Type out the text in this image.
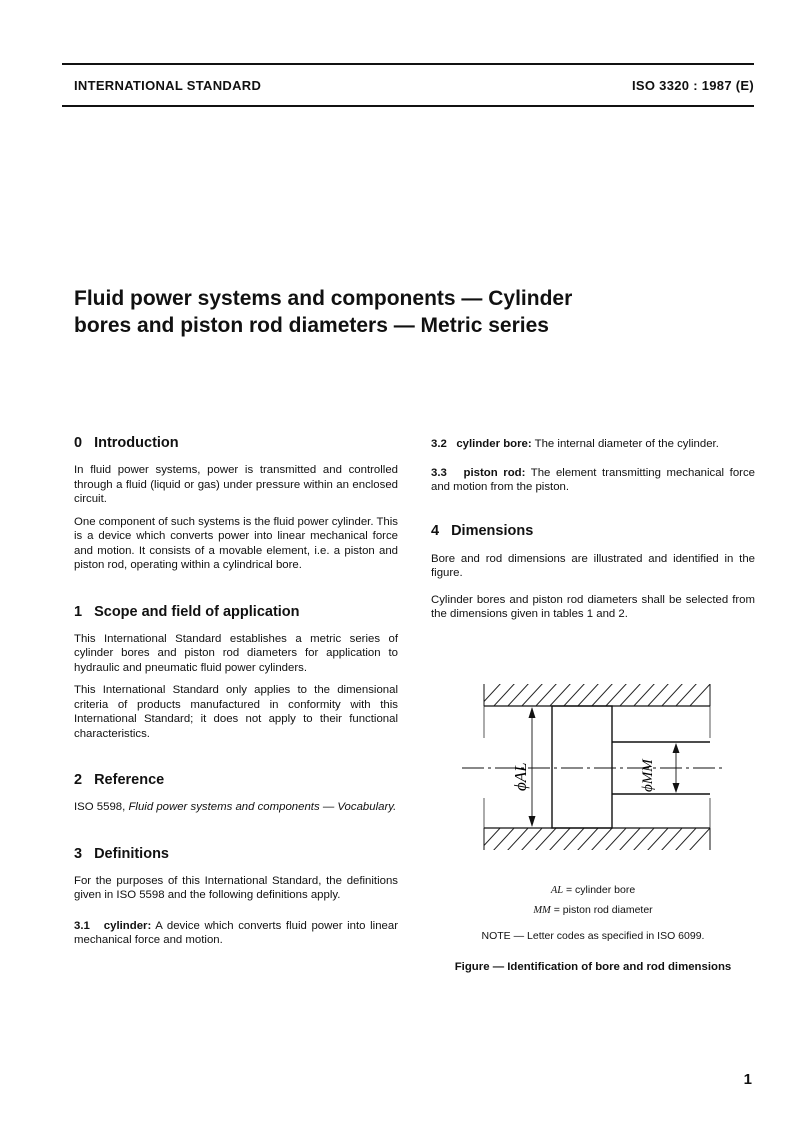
INTERNATIONAL STANDARD	ISO 3320 : 1987 (E)
Fluid power systems and components — Cylinder
bores and piston rod diameters — Metric series
0 Introduction

In fluid power systems, power is transmitted and controlled through a fluid (liquid or gas) under pressure within an enclosed circuit.

One component of such systems is the fluid power cylinder. This is a device which converts power into linear mechanical force and motion. It consists of a movable element, i.e. a piston and piston rod, operating within a cylindrical bore.

1 Scope and field of application

This International Standard establishes a metric series of cylinder bores and piston rod diameters for application to hydraulic and pneumatic fluid power cylinders.

This International Standard only applies to the dimensional criteria of products manufactured in conformity with this International Standard; it does not apply to their functional characteristics.

2 Reference

ISO 5598, Fluid power systems and components — Vocabulary.

3 Definitions

For the purposes of this International Standard, the definitions given in ISO 5598 and the following definitions apply.

3.1 cylinder: A device which converts fluid power into linear mechanical force and motion.

3.2 cylinder bore: The internal diameter of the cylinder.

3.3 piston rod: The element transmitting mechanical force and motion from the piston.

4 Dimensions

Bore and rod dimensions are illustrated and identified in the figure.

Cylinder bores and piston rod diameters shall be selected from the dimensions given in tables 1 and 2.

ϕAL	ϕMM
AL = cylinder bore
MM = piston rod diameter
NOTE — Letter codes as specified in ISO 6099.
Figure — Identification of bore and rod dimensions
1
